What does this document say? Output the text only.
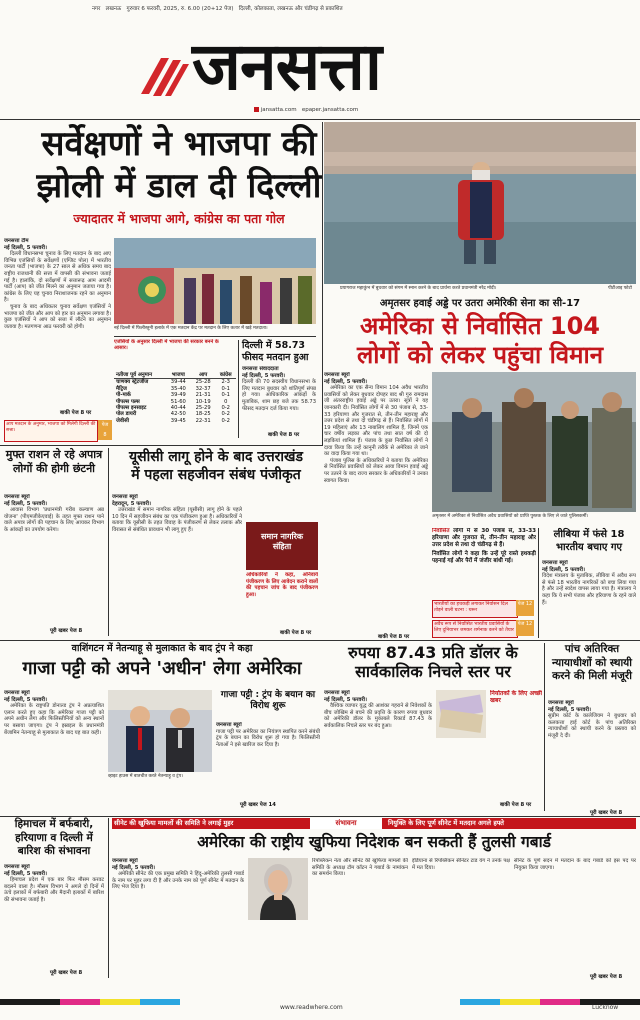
नगर लखनऊ गुरुवार 6 फरवरी, 2025, रु. 6.00 (20+12 पेज) दिल्ली, कोलकाता, लखनऊ और चंडीगढ़ से प्रकाशित
जनसत्ता
jansatta.com epaper.jansatta.com
सर्वेक्षणों ने भाजपा की
झोली में डाल दी दिल्ली
ज्यादातर में भाजपा आगे, कांग्रेस का पता गोल
जनसत्ता टीम
नई दिल्ली, 5 फरवरी।
दिल्ली विधानसभा चुनाव के लिए मतदान के बाद आए विभिन्न एजंसियों के सर्वेक्षणों (एग्जिट पोल) में भारतीय जनता पार्टी (भाजपा) के 27 साल से अधिक समय बाद राष्ट्रीय राजधानी की सत्ता में वापसी की संभावना जताई गई है। हालांकि, दो सर्वेक्षणों में सत्तारूढ़ आम आदमी पार्टी (आप) को जीत मिलने का अनुमान जताया गया है। कांग्रेस के लिए यह चुनाव निराशाजनक रहने का अनुमान है।
चुनाव के बाद अधिकतर चुनाव सर्वेक्षण एजंसियों ने भाजपा को जीत और आप को हार का अनुमान लगाया है। कुछ एजंसियों ने आप को सत्ता में लौटने का अनुमान जताया है। मतगणना आठ फरवरी को होगी।
बाकी पेज 8 पर
आप मतदान के अनुमार, भाजपा को मिलेगी दिल्ली की सत्ता।
पेज
8
नई दिल्ली में फिलीस्तुनी इलाके में एक मतदान केंद्र पर मतदान के लिए कतार में खड़े मतदाता।
एजंसियों के अनुसार दिल्ली में भाजपा की सरकार बनने के आसार।
नतीजा पूर्व अनुमान	भाजपा	आप	कांग्रेस
चाणक्य स्ट्रेटजीज	39-44	25-28	2-3
मैट्रिज	35-40	32-37	0-1
पी-मार्क	39-49	21-31	0-1
पीपल्स पल्स	51-60	10-19	0
पीपल्स इनसाइट	40-44	25-29	0-2
पोल डायरी	42-50	18-25	0-2
जेवीसी	39-45	22-31	0-2
दिल्ली में 58.73 फीसद मतदान हुआ
जनसत्ता संवाददाता
नई दिल्ली, 5 फरवरी।
दिल्ली की 70 सदस्यीय विधानसभा के लिए मतदान बुधवार को शांतिपूर्ण संपन्न हो गया। आधिकारिक आंकड़ों के मुताबिक, शाम छह बजे तक 58.73 फीसद मतदान दर्ज किया गया।
बाकी पेज 8 पर
प्रयागराज महाकुंभ में बुधवार को संगम में स्नान करने के बाद प्रार्थना करते प्रधानमंत्री नरेंद्र मोदी।	पीटीआइ फोटो
अमृतसर हवाई अड्डे पर उतरा अमेरिकी सेना का सी-17
अमेरिका से निर्वासित 104
लोगों को लेकर पहुंचा विमान
जनसत्ता ब्यूरो
नई दिल्ली, 5 फरवरी।
अमेरिका का एक सैन्य विमान 104 अवैध भारतीय प्रवासियों को लेकर बुधवार दोपहर बाद श्री गुरु रामदास जी अंतरराष्ट्रीय हवाई अड्डे पर उतरा। सूत्रों ने यह जानकारी दी। निर्वासित लोगों में से 30 पंजाब से, 33-33 हरियाणा और गुजरात से, तीन-तीन महाराष्ट्र और उत्तर प्रदेश से तथा दो चंडीगढ़ से हैं। निर्वासित लोगों में 19 महिलाएं और 13 नाबालिग शामिल हैं, जिनमें एक चार वर्षीय लड़का और पांच तथा सात वर्ष की दो लड़कियां शामिल हैं। पंजाब के कुछ निर्वासित लोगों ने दावा किया कि उन्हें कानूनी तरीके से अमेरिका ले जाने का वादा किया गया था।
पंजाब पुलिस के अधिकारियों ने बताया कि अमेरिका से निर्वासित प्रवासियों को लेकर आया विमान हवाई अड्डे पर उतरने के बाद राज्य सरकार के अधिकारियों ने उनका स्वागत किया।
बाकी पेज 8 पर
अमृतसर में अमेरिका से निर्वासित अवैध प्रवासियों को प्राप्ति पुस्तक के लिए ले जाते पुलिसकर्मी।
निर्वासित लोगों में से 30 पंजाब से, 33-33 हरियाणा और गुजरात से, तीन-तीन महाराष्ट्र और उत्तर प्रदेश से तथा दो चंडीगढ़ से हैं।
निर्वासित लोगों ने कहा कि उन्हें पूरे रास्ते हथकड़ी पहनाई गई और पैरों में जंजीर बांधी गई।
भारतीयों का हथकड़ी लगाकर निर्वासन दिल तोड़ने वाली घटना : थरूर
पेज 12
अवैध रूप से निर्वासित भारतीय प्रवासियों के लिए दुनियाभर जमकर शर्मनाक करने को तैयार
पेज 12
लीबिया में फंसे 18 भारतीय बचाए गए
जनसत्ता ब्यूरो
नई दिल्ली, 5 फरवरी।
विदेश मंत्रालय के मुताबिक, लीबिया में अवैध रूप से फंसे 18 भारतीय नागरिकों को बचा लिया गया है और उन्हें स्वदेश वापस लाया गया है। मंत्रालय ने कहा कि ये सभी पंजाब और हरियाणा के रहने वाले हैं।
मुफ्त राशन ले रहे अपात्र लोगों की होगी छंटनी
जनसत्ता ब्यूरो
नई दिल्ली, 5 फरवरी।
आवास विभाग 'प्रधानमंत्री गरीब कल्याण अन्न योजना' (पीएमजीकेएवाई) के तहत मुफ्त राशन पाने वाले अपात्र लोगों की पहचान के लिए आयकर विभाग के आंकड़ों का उपयोग करेगा।
पूरी खबर पेज 8
यूसीसी लागू होने के बाद उत्तराखंड
में पहला सहजीवन संबंध पंजीकृत
जनसत्ता ब्यूरो
देहरादून, 5 फरवरी।
उत्तराखंड में समान नागरिक संहिता (यूसीसी) लागू होने के पहले 10 दिन में सहजीवन संबंध का एक पंजीकरण हुआ है। अधिकारियों ने बताया कि यूसीसी के तहत विवाह के पंजीकरण से लेकर तलाक और विरासत से संबंधित प्रावधान भी लागू हुए हैं।
समान नागरिक संहिता
अधिकारियों ने कहा, अनिवार्य पंजीकरण के लिए आवेदन कराने वालों की पहचान जांच के बाद पंजीकरण हुआ।
बाकी पेज 8 पर
वाशिंगटन में नेतन्याहू से मुलाकात के बाद ट्रंप ने कहा
गाजा पट्टी को अपने 'अधीन' लेगा अमेरिका
जनसत्ता ब्यूरो
नई दिल्ली, 5 फरवरी।
अमेरिका के राष्ट्रपति डोनाल्ड ट्रंप ने अप्रत्याशित एलान करते हुए कहा कि अमेरिका गाजा पट्टी को अपने अधीन लेगा और फिलिस्तीनियों को अन्य स्थानों पर बसाया जाएगा। ट्रंप ने इस्राइल के प्रधानमंत्री बेंजामिन नेतन्याहू से मुलाकात के बाद यह बात कही।
व्हाइट हाउस में बातचीत करते नेतन्याहू व ट्रंप।
गाजा पट्टी : ट्रंप के बयान का विरोध शुरू
जनसत्ता ब्यूरो
गाजा पट्टी पर अमेरिका का नियंत्रण स्थापित करने संबंधी ट्रंप के बयान का विरोध शुरू हो गया है। फिलिस्तीनी नेताओं ने इसे खारिज कर दिया है।
पूरी खबर पेज 14
रुपया 87.43 प्रति डॉलर के
सार्वकालिक निचले स्तर पर
जनसत्ता ब्यूरो
नई दिल्ली, 5 फरवरी।
वैश्विक व्यापार युद्ध की आशंका गहराने से निवेशकों के बीच जोखिम से बचने की प्रवृत्ति के कारण रुपया बुधवार को अमेरिकी डॉलर के मुकाबले रिकार्ड 87.43 के सर्वकालिक निचले स्तर पर बंद हुआ।
निर्यातकों के लिए अच्छी खबर
बाकी पेज 8 पर
पांच अतिरिक्त न्यायाधीशों को स्थायी करने की मिली मंजूरी
जनसत्ता ब्यूरो
नई दिल्ली, 5 फरवरी।
सुप्रीम कोर्ट के कालेजियम ने बुधवार को कलकत्ता हाई कोर्ट के पांच अतिरिक्त न्यायाधीशों को स्थायी करने के प्रस्ताव को मंजूरी दे दी।
पूरी खबर पेज 8
हिमाचल में बर्फबारी, हरियाणा व दिल्ली में बारिश की संभावना
जनसत्ता ब्यूरो
नई दिल्ली, 5 फरवरी।
हिमाचल प्रदेश में एक बार फिर मौसम करवट बदलने वाला है। मौसम विभाग ने अगले दो दिनों में ऊंचे इलाकों में बर्फबारी और मैदानी इलाकों में बारिश की संभावना जताई है।
पूरी खबर पेज 8
सीनेट की खुफिया मामलों की समिति ने लगाई मुहर	संभावना	नियुक्ति के लिए पूर्ण सीनेट में मतदान अगले हफ्ते
अमेरिका की राष्ट्रीय खुफिया निदेशक बन सकती हैं तुलसी गबार्ड
जनसत्ता ब्यूरो
नई दिल्ली, 5 फरवरी।
अमेरिकी सीनेट की एक प्रमुख समिति ने हिंदू-अमेरिकी तुलसी गबार्ड के नाम पर मुहर लगा दी है और उनके नाम को पूर्ण सीनेट में मतदान के लिए भेज दिया है।
रिपब्लिकन नेता और सीनेट की खुफिया मामलों की समिति के अध्यक्ष टॉम कॉटन ने गबार्ड के नामांकन का समर्थन किया।
इंडियाना से रिपब्लिकन सीनेटर टाड यंग ने उनके पक्ष में मत दिया।
सीनेट के पूर्ण सदन में मतदान के बाद गबार्ड को इस पद पर नियुक्त किया जाएगा।
पूरी खबर पेज 8
www.readwhere.com	Lucknow
